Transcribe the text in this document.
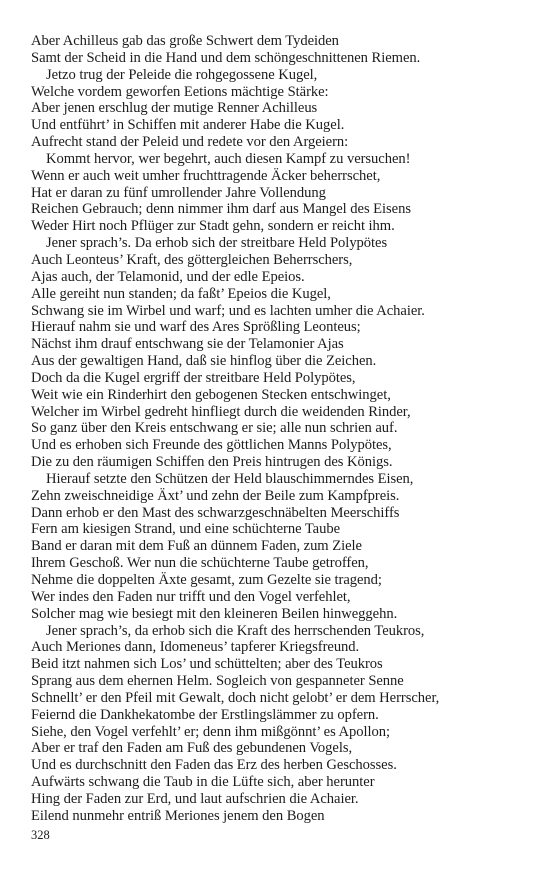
Aber Achilleus gab das große Schwert dem Tydeiden
Samt der Scheid in die Hand und dem schöngeschnittenen Riemen.
Jetzo trug der Peleide die rohgegossene Kugel,
Welche vordem geworfen Eetions mächtige Stärke:
Aber jenen erschlug der mutige Renner Achilleus
Und entführt’ in Schiffen mit anderer Habe die Kugel.
Aufrecht stand der Peleid und redete vor den Argeiern:
Kommt hervor, wer begehrt, auch diesen Kampf zu versuchen!
Wenn er auch weit umher fruchttragende Äcker beherrschet,
Hat er daran zu fünf umrollender Jahre Vollendung
Reichen Gebrauch; denn nimmer ihm darf aus Mangel des Eisens
Weder Hirt noch Pflüger zur Stadt gehn, sondern er reicht ihm.
Jener sprach’s. Da erhob sich der streitbare Held Polypötes
Auch Leonteus’ Kraft, des göttergleichen Beherrschers,
Ajas auch, der Telamonid, und der edle Epeios.
Alle gereiht nun standen; da faßt’ Epeios die Kugel,
Schwang sie im Wirbel und warf; und es lachten umher die Achaier.
Hierauf nahm sie und warf des Ares Sprößling Leonteus;
Nächst ihm drauf entschwang sie der Telamonier Ajas
Aus der gewaltigen Hand, daß sie hinflog über die Zeichen.
Doch da die Kugel ergriff der streitbare Held Polypötes,
Weit wie ein Rinderhirt den gebogenen Stecken entschwinget,
Welcher im Wirbel gedreht hinfliegt durch die weidenden Rinder,
So ganz über den Kreis entschwang er sie; alle nun schrien auf.
Und es erhoben sich Freunde des göttlichen Manns Polypötes,
Die zu den räumigen Schiffen den Preis hintrugen des Königs.
Hierauf setzte den Schützen der Held blauschimmerndes Eisen,
Zehn zweischneidige Äxt’ und zehn der Beile zum Kampfpreis.
Dann erhob er den Mast des schwarzgeschnäbelten Meerschiffs
Fern am kiesigen Strand, und eine schüchterne Taube
Band er daran mit dem Fuß an dünnem Faden, zum Ziele
Ihrem Geschoß. Wer nun die schüchterne Taube getroffen,
Nehme die doppelten Äxte gesamt, zum Gezelte sie tragend;
Wer indes den Faden nur trifft und den Vogel verfehlet,
Solcher mag wie besiegt mit den kleineren Beilen hinweggehn.
Jener sprach’s, da erhob sich die Kraft des herrschenden Teukros,
Auch Meriones dann, Idomeneus’ tapferer Kriegsfreund.
Beid itzt nahmen sich Los’ und schüttelten; aber des Teukros
Sprang aus dem ehernen Helm. Sogleich von gespanneter Senne
Schnellt’ er den Pfeil mit Gewalt, doch nicht gelobt’ er dem Herrscher,
Feiernd die Dankhekatombe der Erstlingslämmer zu opfern.
Siehe, den Vogel verfehlt’ er; denn ihm mißgönnt’ es Apollon;
Aber er traf den Faden am Fuß des gebundenen Vogels,
Und es durchschnitt den Faden das Erz des herben Geschosses.
Aufwärts schwang die Taub in die Lüfte sich, aber herunter
Hing der Faden zur Erd, und laut aufschrien die Achaier.
Eilend nunmehr entriß Meriones jenem den Bogen
328
